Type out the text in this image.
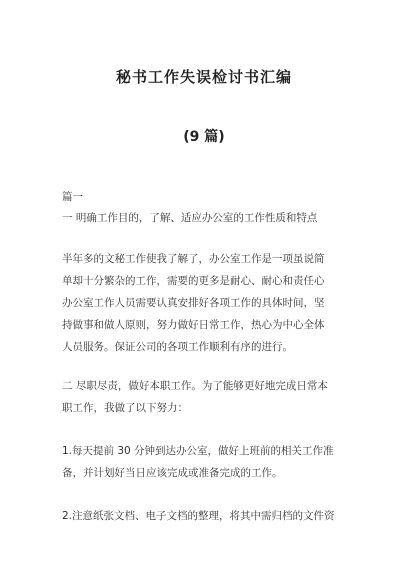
秘书工作失误检讨书汇编
(9 篇)
篇一
一 明确工作目的，了解、适应办公室的工作性质和特点
半年多的文秘工作使我了解了，办公室工作是一项虽说简
单却十分繁杂的工作，需要的更多是耐心、耐心和责任心
办公室工作人员需要认真安排好各项工作的具体时间，坚
持做事和做人原则，努力做好日常工作，热心为中心全体
人员服务。保证公司的各项工作顺利有序的进行。
二 尽职尽责，做好本职工作。为了能够更好地完成日常本
职工作，我做了以下努力：
1.每天提前 30 分钟到达办公室，做好上班前的相关工作准
备，并计划好当日应该完成或准备完成的工作。
2.注意纸张文档、电子文档的整理，将其中需归档的文件资
